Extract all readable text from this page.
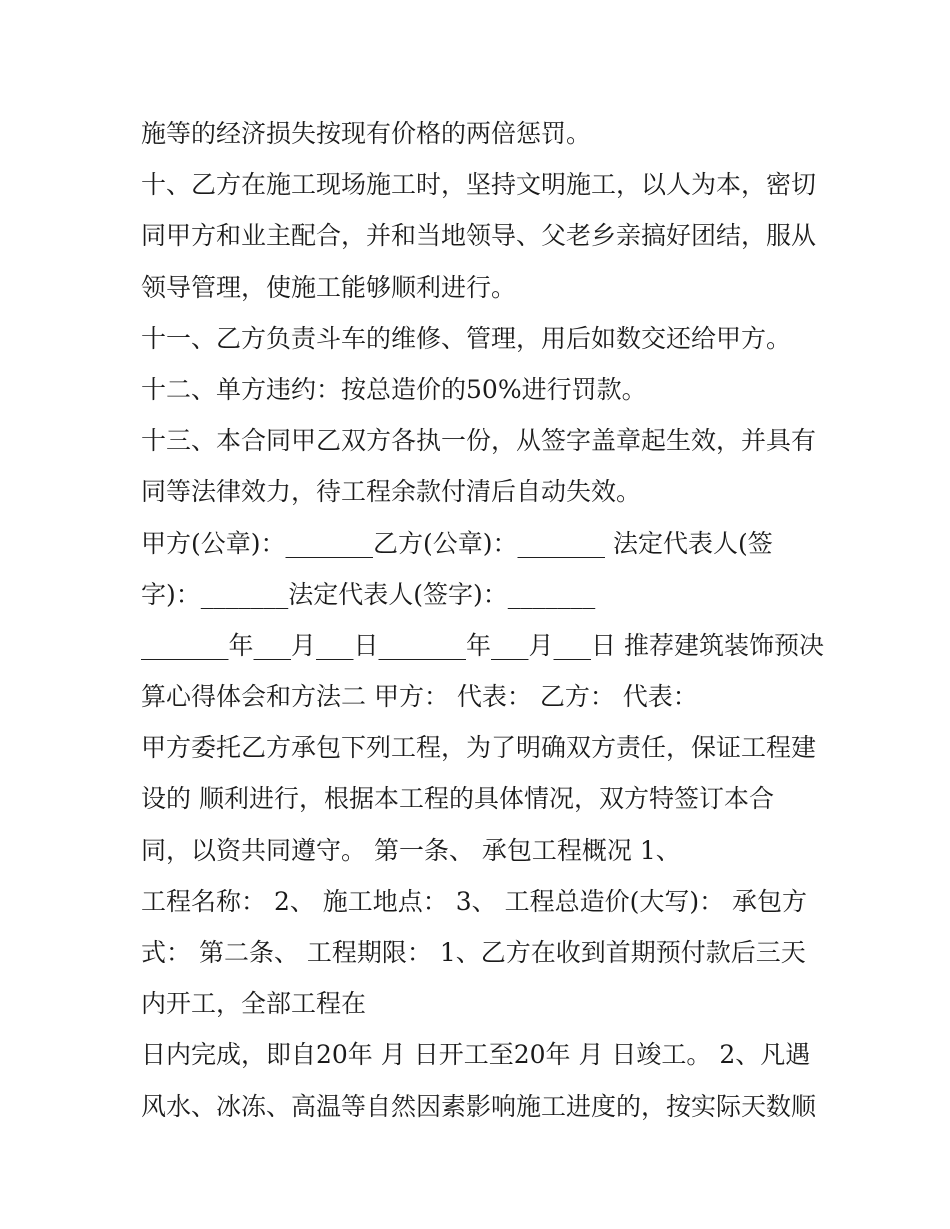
施等的经济损失按现有价格的两倍惩罚。
十、乙方在施工现场施工时，坚持文明施工，以人为本，密切
同甲方和业主配合，并和当地领导、父老乡亲搞好团结，服从
领导管理，使施工能够顺利进行。
十一、乙方负责斗车的维修、管理，用后如数交还给甲方。
十二、单方违约：按总造价的50%进行罚款。
十三、本合同甲乙双方各执一份，从签字盖章起生效，并具有
同等法律效力，待工程余款付清后自动失效。
甲方(公章)：_______乙方(公章)：_______ 法定代表人(签
字)：_______法定代表人(签字)：_______
_______年___月___日_______年___月___日 推荐建筑装饰预决
算心得体会和方法二 甲方： 代表： 乙方： 代表：
甲方委托乙方承包下列工程，为了明确双方责任，保证工程建
设的 顺利进行，根据本工程的具体情况，双方特签订本合
同，以资共同遵守。 第一条、 承包工程概况 1、
工程名称： 2、 施工地点： 3、 工程总造价(大写)： 承包方
式： 第二条、 工程期限： 1、乙方在收到首期预付款后三天
内开工，全部工程在
日内完成，即自20年 月 日开工至20年 月 日竣工。 2、凡遇
风水、冰冻、高温等自然因素影响施工进度的，按实际天数顺
